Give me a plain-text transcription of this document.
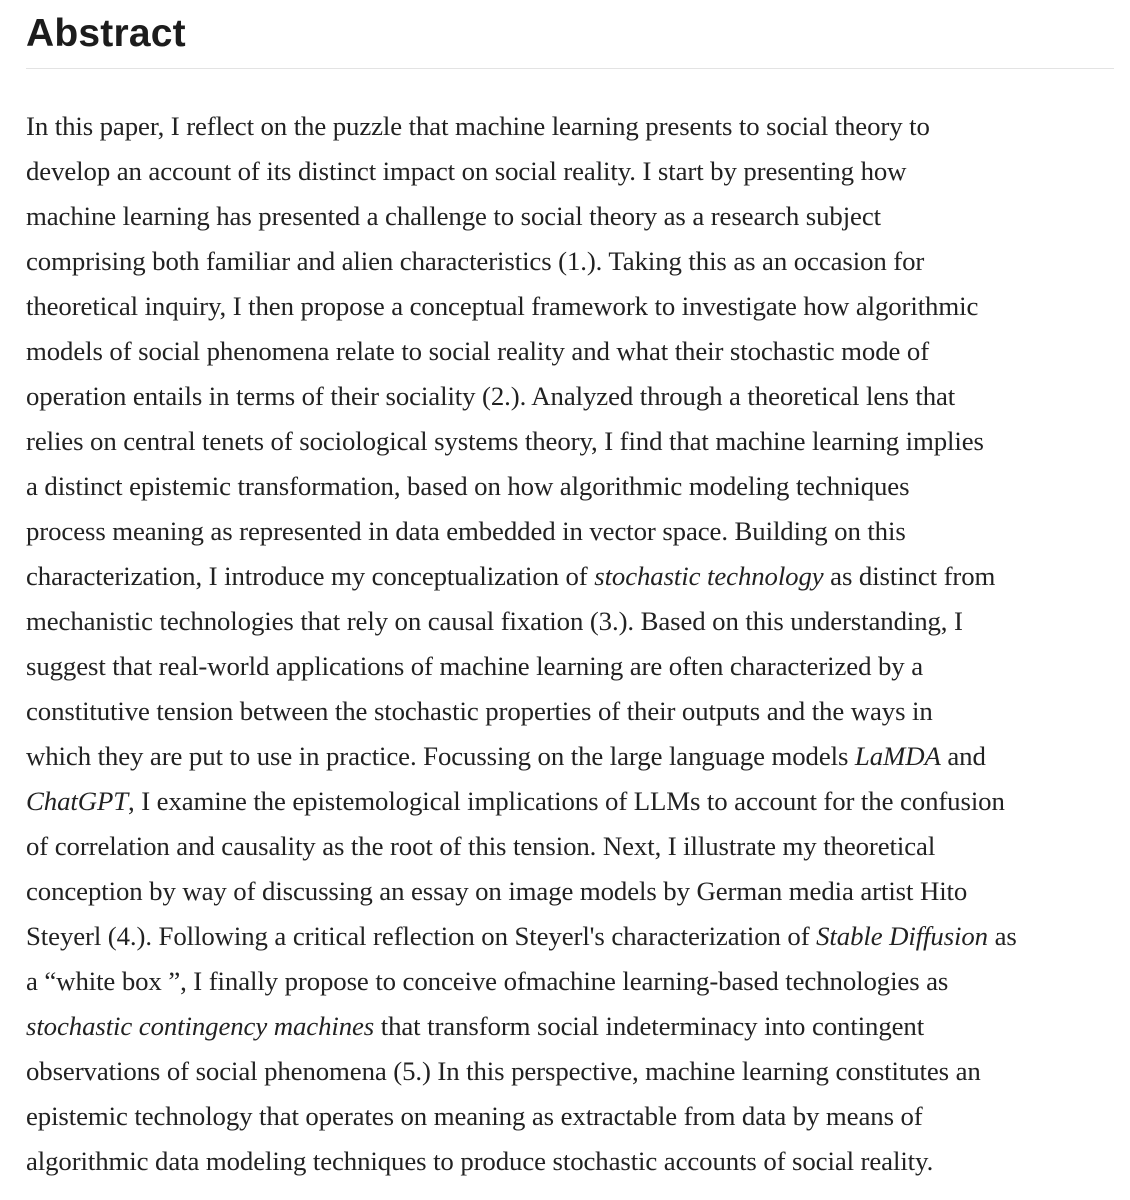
Abstract

In this paper, I reflect on the puzzle that machine learning presents to social theory to
develop an account of its distinct impact on social reality. I start by presenting how
machine learning has presented a challenge to social theory as a research subject
comprising both familiar and alien characteristics (1.). Taking this as an occasion for
theoretical inquiry, I then propose a conceptual framework to investigate how algorithmic
models of social phenomena relate to social reality and what their stochastic mode of
operation entails in terms of their sociality (2.). Analyzed through a theoretical lens that
relies on central tenets of sociological systems theory, I find that machine learning implies
a distinct epistemic transformation, based on how algorithmic modeling techniques
process meaning as represented in data embedded in vector space. Building on this
characterization, I introduce my conceptualization of stochastic technology as distinct from
mechanistic technologies that rely on causal fixation (3.). Based on this understanding, I
suggest that real-world applications of machine learning are often characterized by a
constitutive tension between the stochastic properties of their outputs and the ways in
which they are put to use in practice. Focussing on the large language models LaMDA and
ChatGPT, I examine the epistemological implications of LLMs to account for the confusion
of correlation and causality as the root of this tension. Next, I illustrate my theoretical
conception by way of discussing an essay on image models by German media artist Hito
Steyerl (4.). Following a critical reflection on Steyerl's characterization of Stable Diffusion as
a “white box ”, I finally propose to conceive ofmachine learning-based technologies as
stochastic contingency machines that transform social indeterminacy into contingent
observations of social phenomena (5.) In this perspective, machine learning constitutes an
epistemic technology that operates on meaning as extractable from data by means of
algorithmic data modeling techniques to produce stochastic accounts of social reality.
